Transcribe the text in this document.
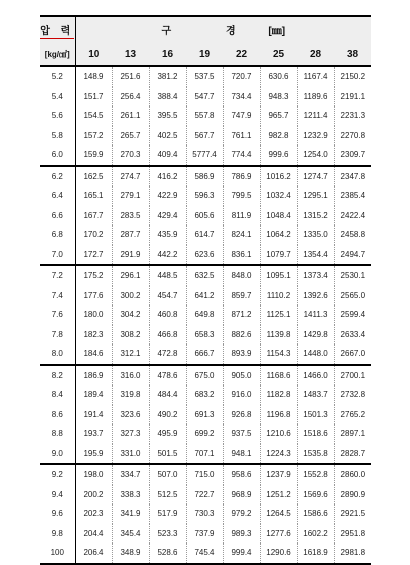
압 력	구 경 [㎜]							
[kg/㎠]	10	13	16	19	22	25	28	38
5.2	148.9	251.6	381.2	537.5	720.7	630.6	1167.4	2150.2
5.4	151.7	256.4	388.4	547.7	734.4	948.3	1189.6	2191.1
5.6	154.5	261.1	395.5	557.8	747.9	965.7	1211.4	2231.3
5.8	157.2	265.7	402.5	567.7	761.1	982.8	1232.9	2270.8
6.0	159.9	270.3	409.4	5777.4	774.4	999.6	1254.0	2309.7
6.2	162.5	274.7	416.2	586.9	786.9	1016.2	1274.7	2347.8
6.4	165.1	279.1	422.9	596.3	799.5	1032.4	1295.1	2385.4
6.6	167.7	283.5	429.4	605.6	811.9	1048.4	1315.2	2422.4
6.8	170.2	287.7	435.9	614.7	824.1	1064.2	1335.0	2458.8
7.0	172.7	291.9	442.2	623.6	836.1	1079.7	1354.4	2494.7
7.2	175.2	296.1	448.5	632.5	848.0	1095.1	1373.4	2530.1
7.4	177.6	300.2	454.7	641.2	859.7	1110.2	1392.6	2565.0
7.6	180.0	304.2	460.8	649.8	871.2	1125.1	1411.3	2599.4
7.8	182.3	308.2	466.8	658.3	882.6	1139.8	1429.8	2633.4
8.0	184.6	312.1	472.8	666.7	893.9	1154.3	1448.0	2667.0
8.2	186.9	316.0	478.6	675.0	905.0	1168.6	1466.0	2700.1
8.4	189.4	319.8	484.4	683.2	916.0	1182.8	1483.7	2732.8
8.6	191.4	323.6	490.2	691.3	926.8	1196.8	1501.3	2765.2
8.8	193.7	327.3	495.9	699.2	937.5	1210.6	1518.6	2897.1
9.0	195.9	331.0	501.5	707.1	948.1	1224.3	1535.8	2828.7
9.2	198.0	334.7	507.0	715.0	958.6	1237.9	1552.8	2860.0
9.4	200.2	338.3	512.5	722.7	968.9	1251.2	1569.6	2890.9
9.6	202.3	341.9	517.9	730.3	979.2	1264.5	1586.6	2921.5
9.8	204.4	345.4	523.3	737.9	989.3	1277.6	1602.2	2951.8
100	206.4	348.9	528.6	745.4	999.4	1290.6	1618.9	2981.8
